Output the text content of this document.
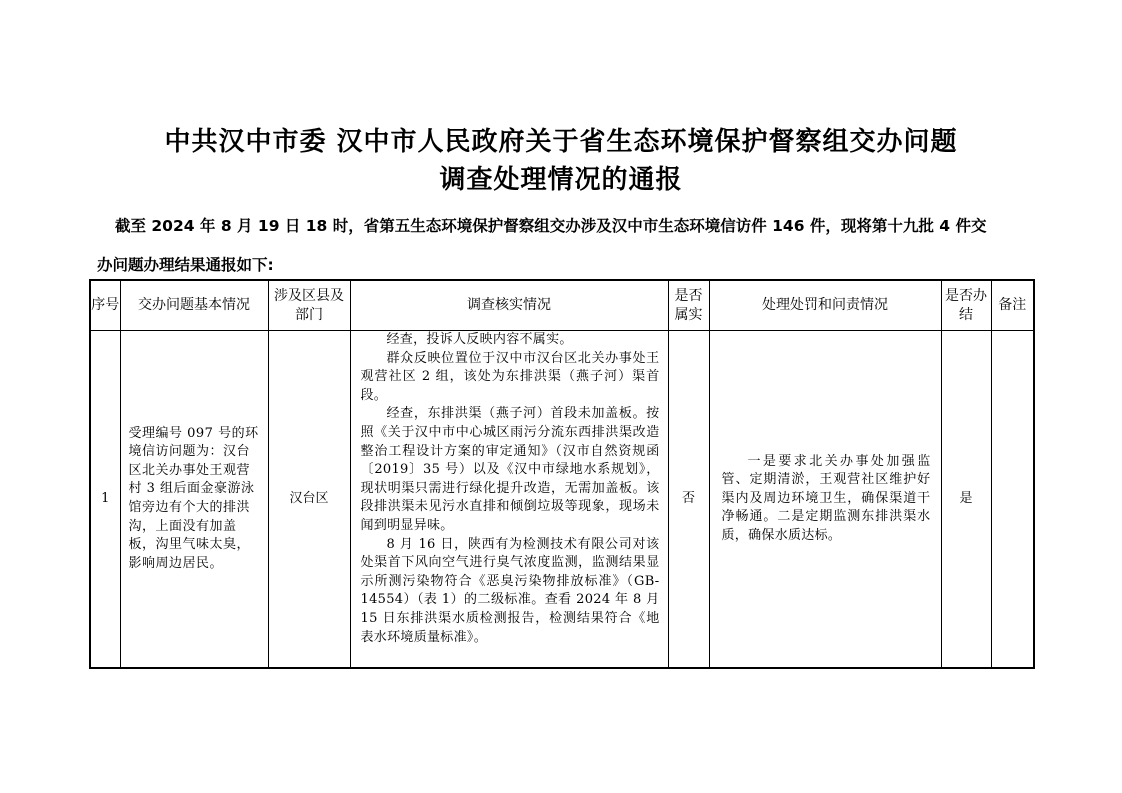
中共汉中市委 汉中市人民政府关于省生态环境保护督察组交办问题
调查处理情况的通报
截至 2024 年 8 月 19 日 18 时，省第五生态环境保护督察组交办涉及汉中市生态环境信访件 146 件，现将第十九批 4 件交
办问题办理结果通报如下:
序号	交办问题基本情况	涉及区县及部门	调查核实情况	是否属实	处理处罚和问责情况	是否办结	备注
1	受理编号 097 号的环境信访问题为：汉台区北关办事处王观营村 3 组后面金豪游泳馆旁边有个大的排洪沟，上面没有加盖板，沟里气味太臭，影响周边居民。	汉台区	经查，投诉人反映内容不属实。

群众反映位置位于汉中市汉台区北关办事处王观营社区 2 组，该处为东排洪渠（燕子河）渠首段。

经查，东排洪渠（燕子河）首段未加盖板。按照《关于汉中市中心城区雨污分流东西排洪渠改造整治工程设计方案的审定通知》（汉市自然资规函〔2019〕35 号）以及《汉中市绿地水系规划》，现状明渠只需进行绿化提升改造，无需加盖板。该段排洪渠未见污水直排和倾倒垃圾等现象，现场未闻到明显异味。

8 月 16 日，陕西有为检测技术有限公司对该处渠首下风向空气进行臭气浓度监测，监测结果显示所测污染物符合《恶臭污染物排放标准》（GB-14554）（表 1）的二级标准。查看 2024 年 8 月 15 日东排洪渠水质检测报告，检测结果符合《地表水环境质量标准》。	否	一是要求北关办事处加强监管、定期清淤，王观营社区维护好渠内及周边环境卫生，确保渠道干净畅通。二是定期监测东排洪渠水质，确保水质达标。	是	
